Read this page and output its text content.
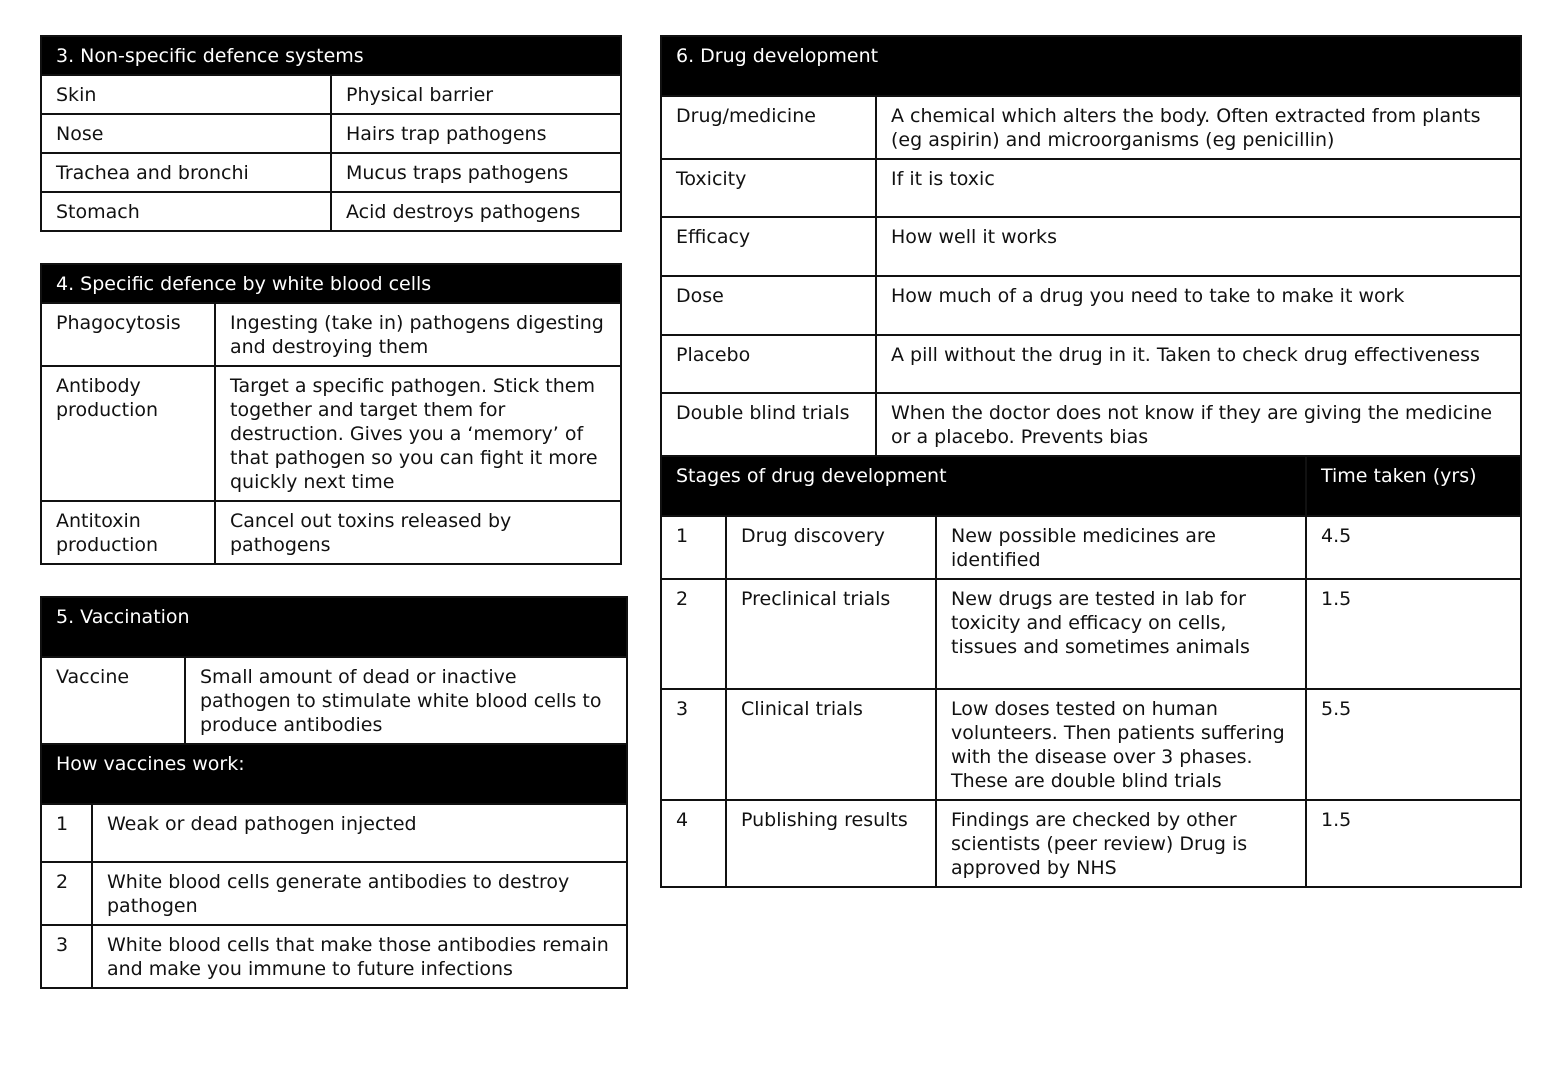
3. Non-specific defence systems	
Skin	Physical barrier
Nose	Hairs trap pathogens
Trachea and bronchi	Mucus traps pathogens
Stomach	Acid destroys pathogens
4. Specific defence by white blood cells	
Phagocytosis	Ingesting (take in) pathogens digesting and destroying them
Antibody production	Target a specific pathogen. Stick them together and target them for destruction. Gives you a ‘memory’ of that pathogen so you can fight it more quickly next time
Antitoxin production	Cancel out toxins released by pathogens
5. Vaccination		
Vaccine		Small amount of dead or inactive pathogen to stimulate white blood cells to produce antibodies
How vaccines work:		
1	Weak or dead pathogen injected	
2	White blood cells generate antibodies to destroy pathogen	
3	White blood cells that make those antibodies remain and make you immune to future infections	
6. Drug development				
Drug/medicine		A chemical which alters the body. Often extracted from plants (eg aspirin) and microorganisms (eg penicillin)		
Toxicity		If it is toxic		
Efficacy		How well it works		
Dose		How much of a drug you need to take to make it work		
Placebo		A pill without the drug in it. Taken to check drug effectiveness		
Double blind trials		When the doctor does not know if they are giving the medicine or a placebo. Prevents bias		
Stages of drug development				Time taken (yrs)
1	Drug discovery		New possible medicines are identified	4.5
2	Preclinical trials		New drugs are tested in lab for toxicity and efficacy on cells, tissues and sometimes animals	1.5
3	Clinical trials		Low doses tested on human volunteers. Then patients suffering with the disease over 3 phases. These are double blind trials	5.5
4	Publishing results		Findings are checked by other scientists (peer review) Drug is approved by NHS	1.5
